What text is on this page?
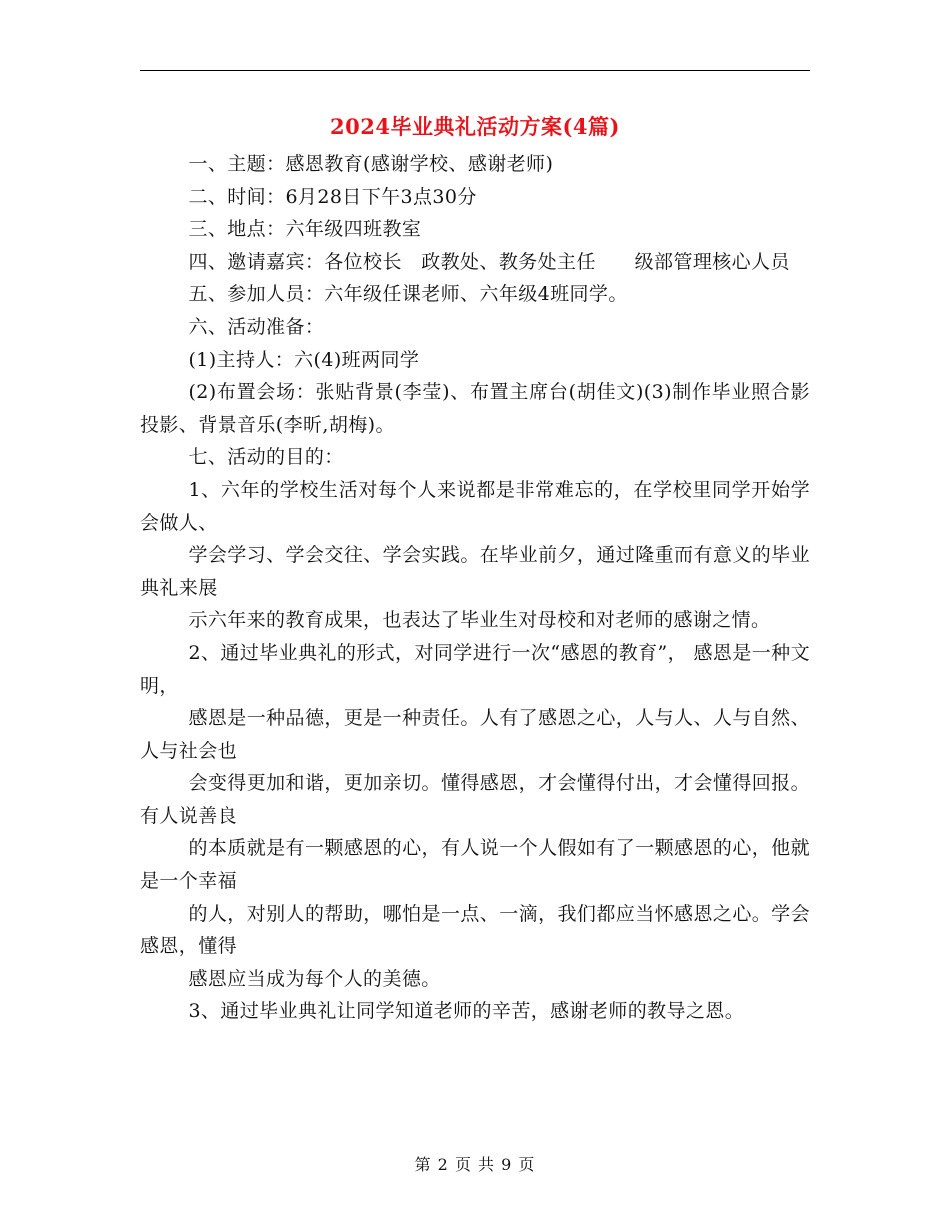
2024毕业典礼活动方案(4篇)

一、主题：感恩教育(感谢学校、感谢老师)

二、时间：6月28日下午3点30分

三、地点：六年级四班教室

四、邀请嘉宾：各位校长　政教处、教务处主任　　级部管理核心人员

五、参加人员：六年级任课老师、六年级4班同学。

六、活动准备：

(1)主持人：六(4)班两同学

(2)布置会场：张贴背景(李莹)、布置主席台(胡佳文)(3)制作毕业照合影投影、背景音乐(李昕,胡梅)。

七、活动的目的：

1、六年的学校生活对每个人来说都是非常难忘的，在学校里同学开始学会做人、

学会学习、学会交往、学会实践。在毕业前夕，通过隆重而有意义的毕业典礼来展

示六年来的教育成果，也表达了毕业生对母校和对老师的感谢之情。

2、通过毕业典礼的形式，对同学进行一次“感恩的教育”， 感恩是一种文明，

感恩是一种品德，更是一种责任。人有了感恩之心，人与人、人与自然、人与社会也

会变得更加和谐，更加亲切。懂得感恩，才会懂得付出，才会懂得回报。有人说善良

的本质就是有一颗感恩的心，有人说一个人假如有了一颗感恩的心，他就是一个幸福

的人，对别人的帮助，哪怕是一点、一滴，我们都应当怀感恩之心。学会感恩，懂得

感恩应当成为每个人的美德。

3、通过毕业典礼让同学知道老师的辛苦，感谢老师的教导之恩。

第 2 页 共 9 页
